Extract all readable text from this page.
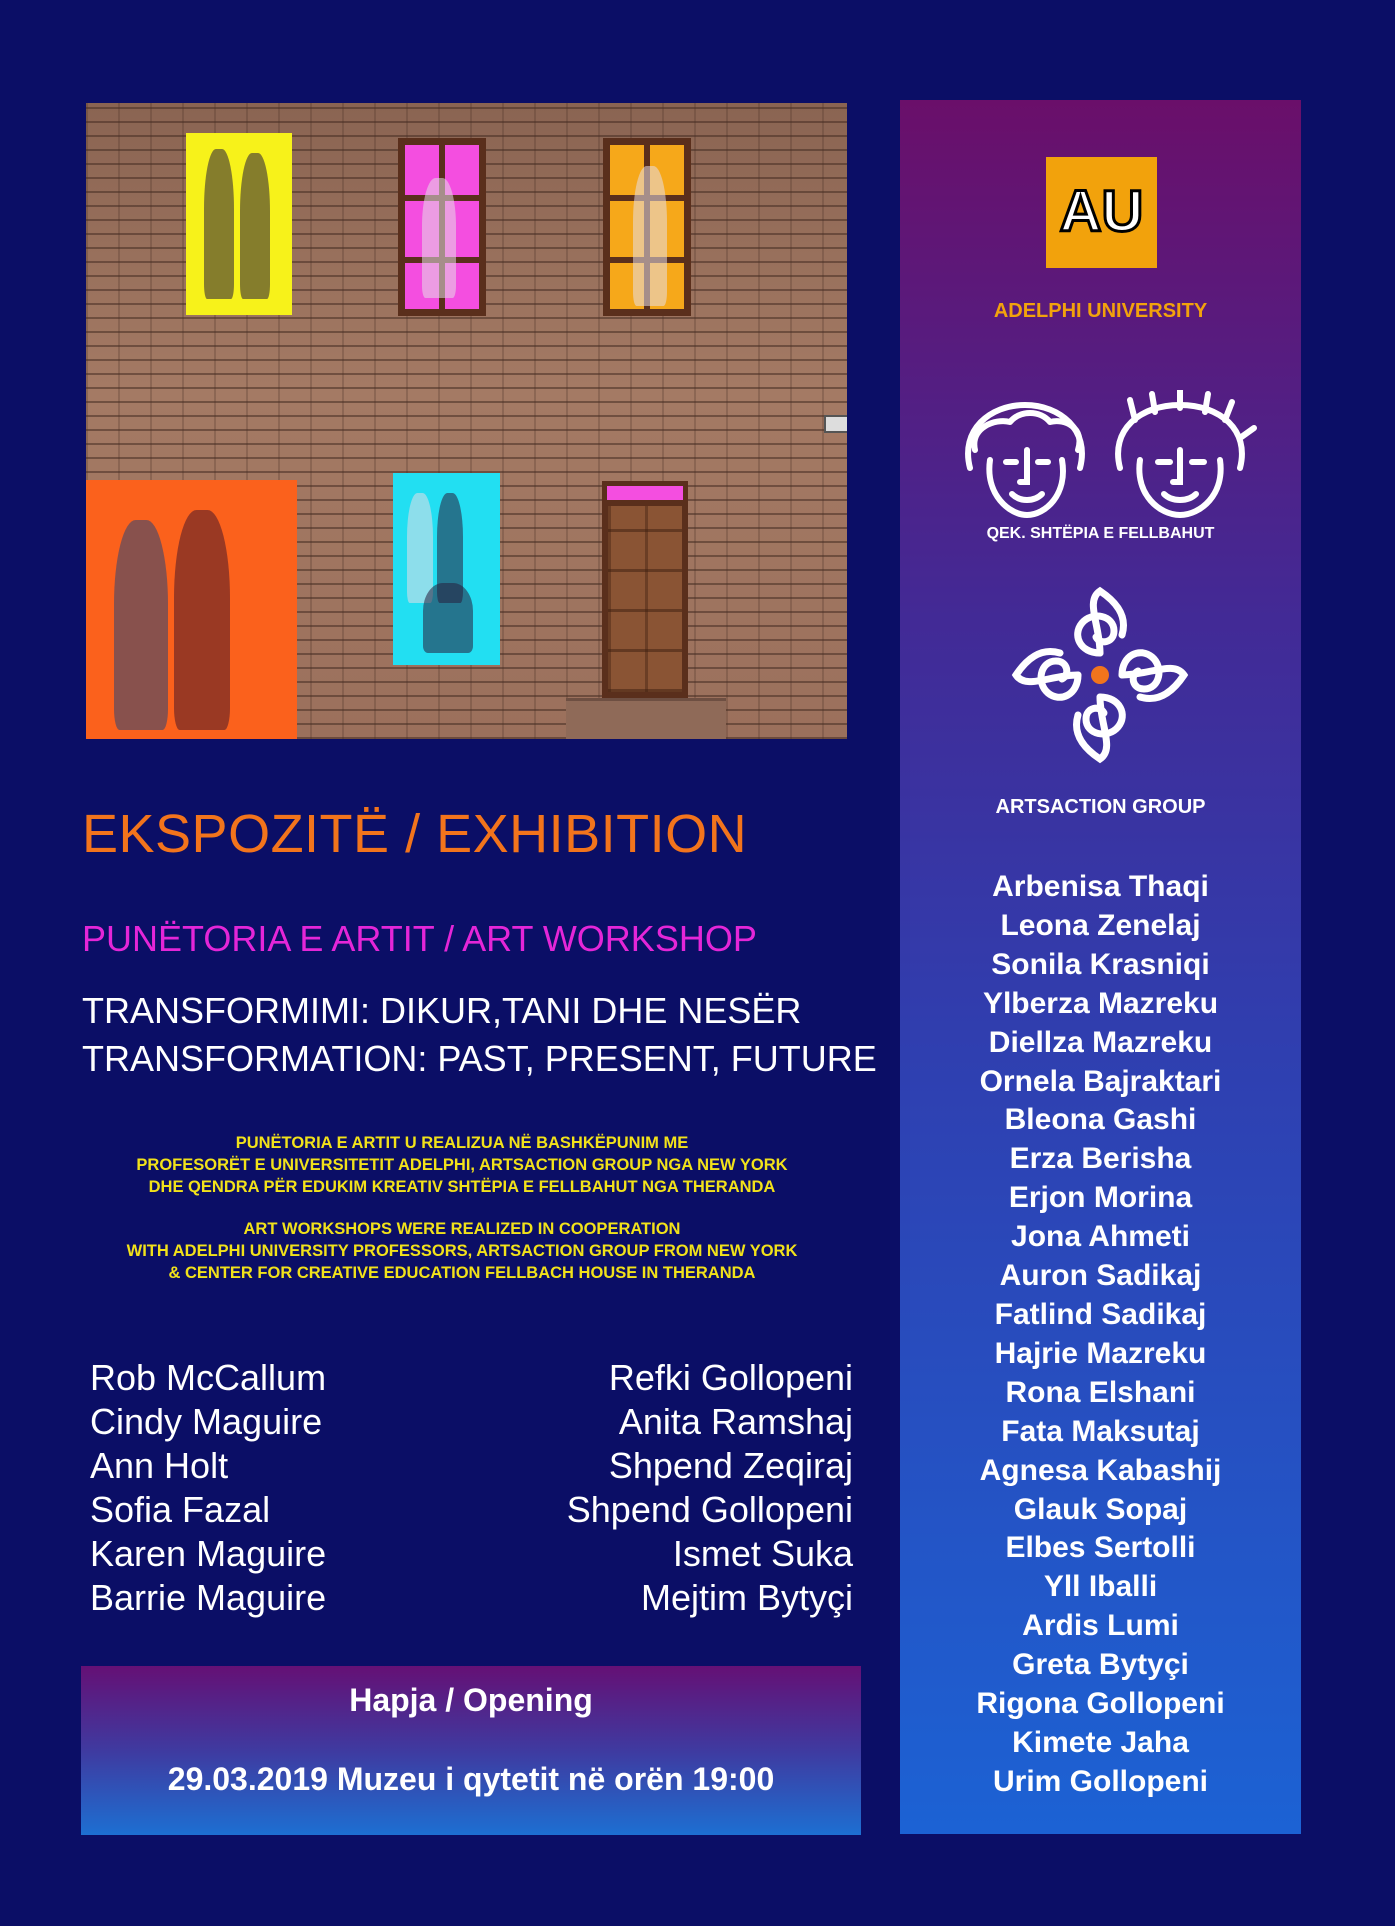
EKSPOZITË / EXHIBITION
PUNËTORIA E ARTIT / ART WORKSHOP
TRANSFORMIMI: DIKUR,TANI DHE NESËR
TRANSFORMATION: PAST, PRESENT, FUTURE
PUNËTORIA E ARTIT U REALIZUA NË BASHKËPUNIM ME
PROFESORËT E UNIVERSITETIT ADELPHI, ARTSACTION GROUP NGA NEW YORK
DHE QENDRA PËR EDUKIM KREATIV SHTËPIA E FELLBAHUT NGA THERANDA
ART WORKSHOPS WERE REALIZED IN COOPERATION
WITH ADELPHI UNIVERSITY PROFESSORS, ARTSACTION GROUP FROM NEW YORK
& CENTER FOR CREATIVE EDUCATION FELLBACH HOUSE IN THERANDA
Rob McCallum
Cindy Maguire
Ann Holt
Sofia Fazal
Karen Maguire
Barrie Maguire
Refki Gollopeni
Anita Ramshaj
Shpend Zeqiraj
Shpend Gollopeni
Ismet Suka
Mejtim Bytyçi
Hapja / Opening
29.03.2019 Muzeu i qytetit në orën 19:00
AU
ADELPHI UNIVERSITY
QEK. SHTËPIA E FELLBAHUT
ARTSACTION GROUP
Arbenisa Thaqi
Leona Zenelaj
Sonila Krasniqi
Ylberza Mazreku
Diellza Mazreku
Ornela Bajraktari
Bleona Gashi
Erza Berisha
Erjon Morina
Jona Ahmeti
Auron Sadikaj
Fatlind Sadikaj
Hajrie Mazreku
Rona Elshani
Fata Maksutaj
Agnesa Kabashij
Glauk Sopaj
Elbes Sertolli
Yll Iballi
Ardis Lumi
Greta Bytyçi
Rigona Gollopeni
Kimete Jaha
Urim Gollopeni
